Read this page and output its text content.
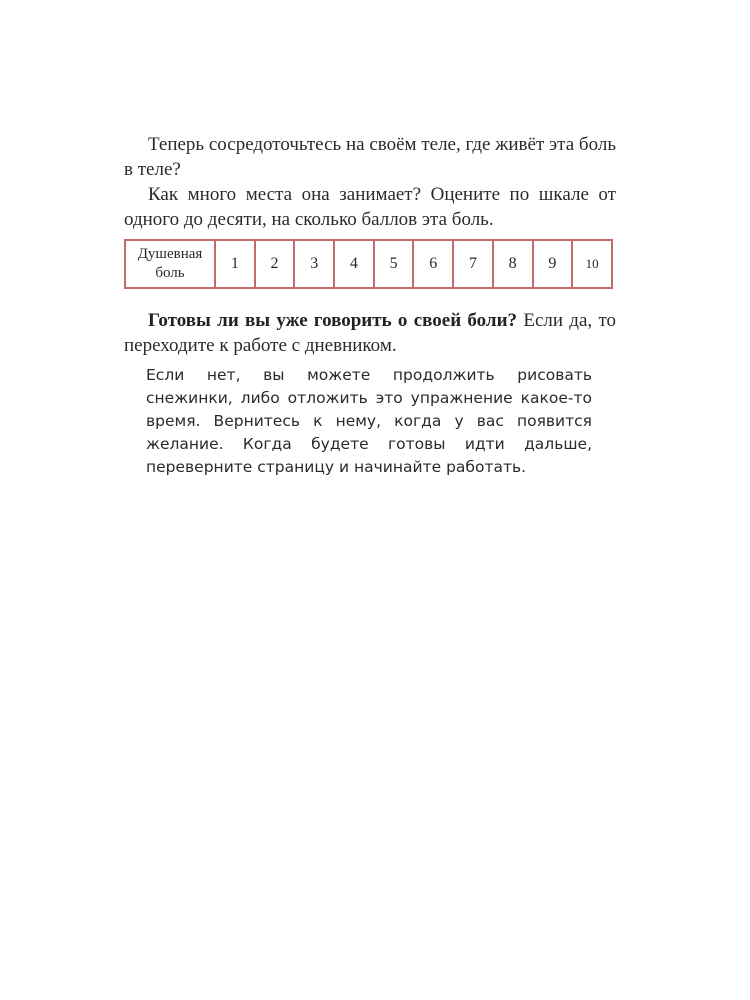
Теперь сосредоточьтесь на своём теле, где живёт эта боль в теле?

Как много места она занимает? Оцените по шкале от одного до десяти, на сколько баллов эта боль.

Душевная боль	1	2	3	4	5	6	7	8	9	10

Готовы ли вы уже говорить о своей боли? Если да, то переходите к работе с дневником.

Если нет, вы можете продолжить рисовать снежинки, либо отложить это упражнение какое-то время. Вернитесь к нему, когда у вас появится желание. Когда будете готовы идти дальше, переверните страницу и начинайте работать.
